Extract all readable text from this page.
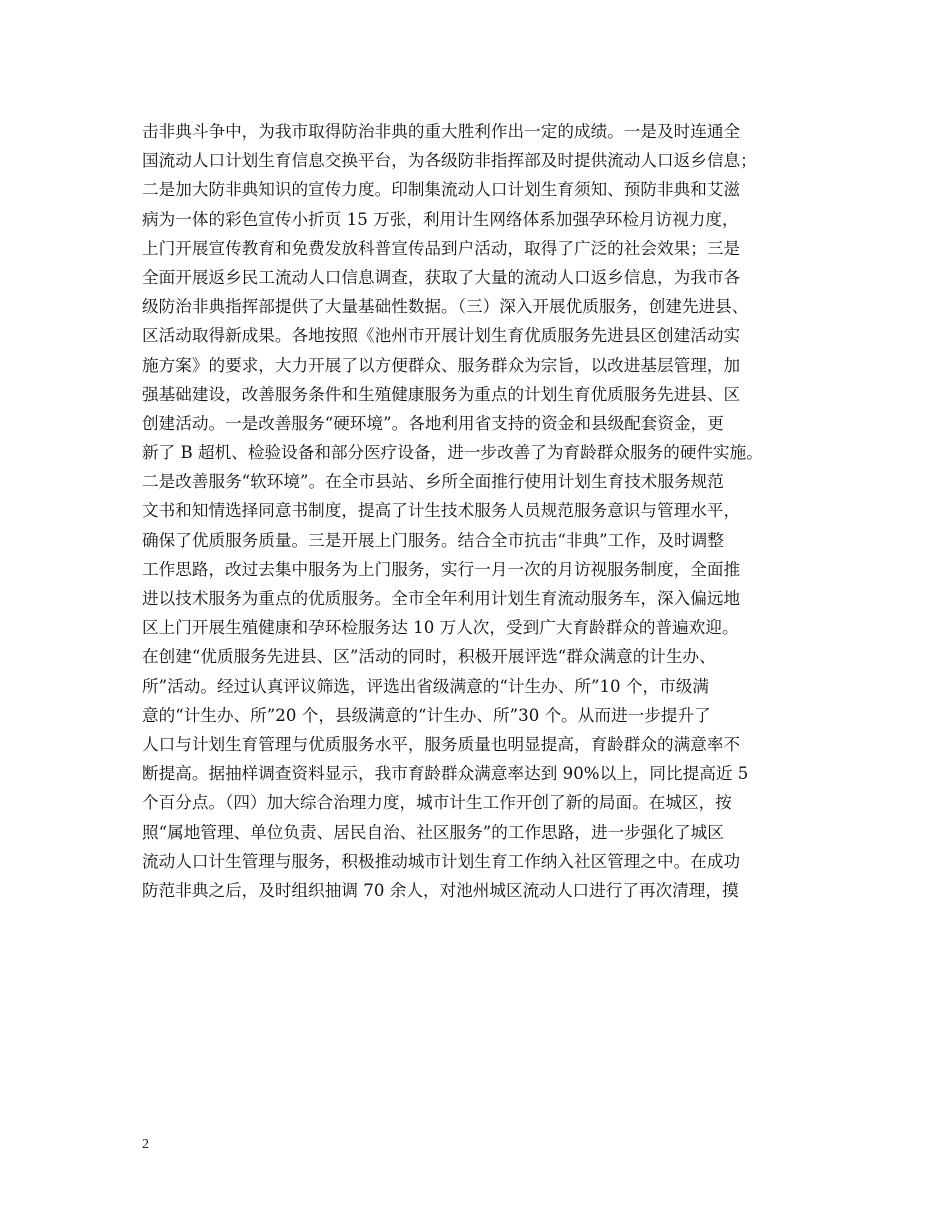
击非典斗争中，为我市取得防治非典的重大胜利作出一定的成绩。一是及时连通全
国流动人口计划生育信息交换平台，为各级防非指挥部及时提供流动人口返乡信息；
二是加大防非典知识的宣传力度。印制集流动人口计划生育须知、预防非典和艾滋
病为一体的彩色宣传小折页 15 万张，利用计生网络体系加强孕环检月访视力度，
上门开展宣传教育和免费发放科普宣传品到户活动，取得了广泛的社会效果；三是
全面开展返乡民工流动人口信息调查，获取了大量的流动人口返乡信息，为我市各
级防治非典指挥部提供了大量基础性数据。（三）深入开展优质服务，创建先进县、
区活动取得新成果。各地按照《池州市开展计划生育优质服务先进县区创建活动实
施方案》的要求，大力开展了以方便群众、服务群众为宗旨，以改进基层管理，加
强基础建设，改善服务条件和生殖健康服务为重点的计划生育优质服务先进县、区
创建活动。一是改善服务“硬环境”。各地利用省支持的资金和县级配套资金，更
新了 B 超机、检验设备和部分医疗设备，进一步改善了为育龄群众服务的硬件实施。
二是改善服务“软环境”。在全市县站、乡所全面推行使用计划生育技术服务规范
文书和知情选择同意书制度，提高了计生技术服务人员规范服务意识与管理水平，
确保了优质服务质量。三是开展上门服务。结合全市抗击“非典”工作，及时调整
工作思路，改过去集中服务为上门服务，实行一月一次的月访视服务制度，全面推
进以技术服务为重点的优质服务。全市全年利用计划生育流动服务车，深入偏远地
区上门开展生殖健康和孕环检服务达 10 万人次，受到广大育龄群众的普遍欢迎。
在创建“优质服务先进县、区”活动的同时，积极开展评选“群众满意的计生办、
所”活动。经过认真评议筛选，评选出省级满意的“计生办、所”10 个，市级满
意的“计生办、所”20 个，县级满意的“计生办、所”30 个。从而进一步提升了
人口与计划生育管理与优质服务水平，服务质量也明显提高，育龄群众的满意率不
断提高。据抽样调查资料显示，我市育龄群众满意率达到 90%以上，同比提高近 5
个百分点。（四）加大综合治理力度，城市计生工作开创了新的局面。在城区，按
照“属地管理、单位负责、居民自治、社区服务”的工作思路，进一步强化了城区
流动人口计生管理与服务，积极推动城市计划生育工作纳入社区管理之中。在成功
防范非典之后，及时组织抽调 70 余人，对池州城区流动人口进行了再次清理，摸
2
